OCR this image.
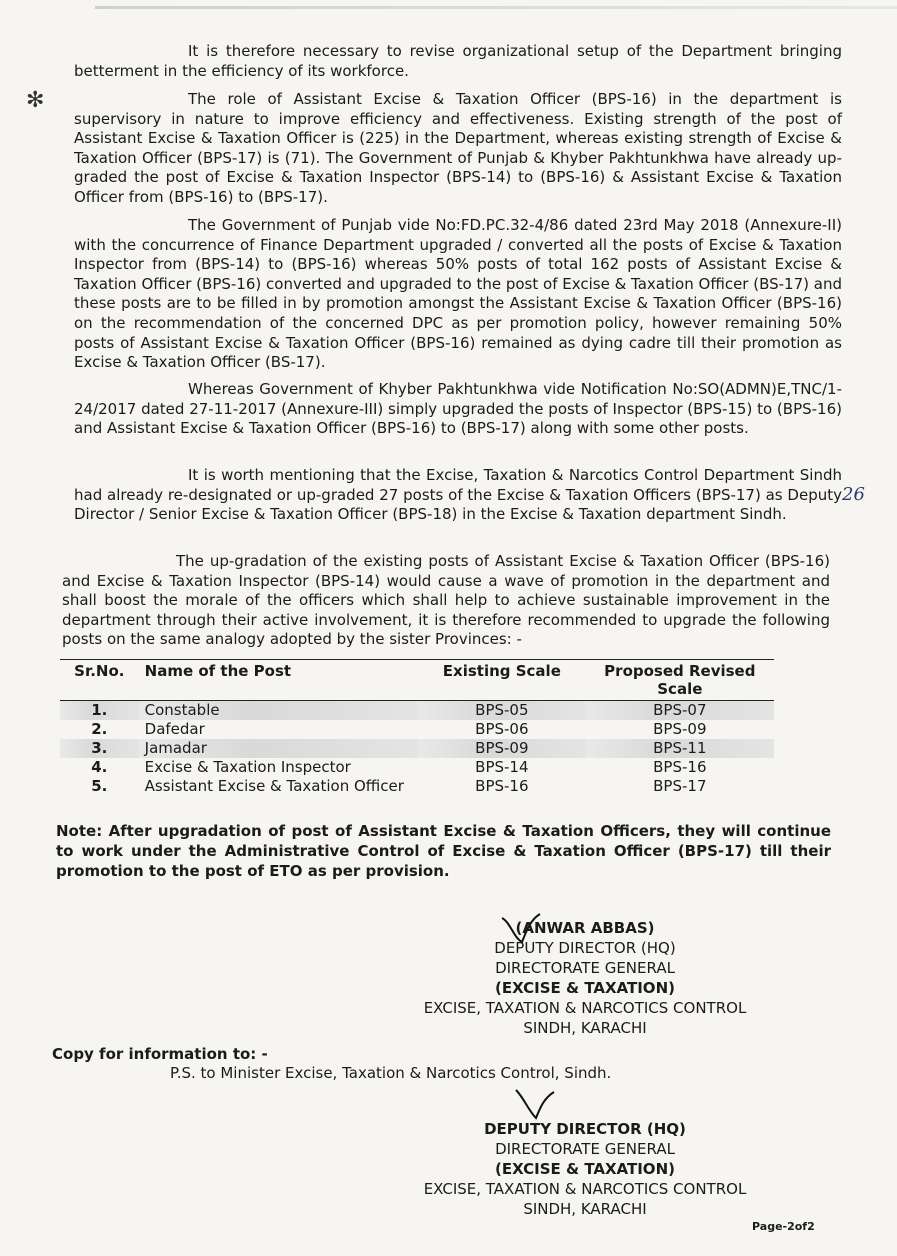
✻

It is therefore necessary to revise organizational setup of the Department bringing betterment in the efficiency of its workforce.

The role of Assistant Excise & Taxation Officer (BPS-16) in the department is supervisory in nature to improve efficiency and effectiveness. Existing strength of the post of Assistant Excise & Taxation Officer is (225) in the Department, whereas existing strength of Excise & Taxation Officer (BPS-17) is (71). The Government of Punjab & Khyber Pakhtunkhwa have already up-graded the post of Excise & Taxation Inspector (BPS-14) to (BPS-16) & Assistant Excise & Taxation Officer from (BPS-16) to (BPS-17).

The Government of Punjab vide No:FD.PC.32-4/86 dated 23rd May 2018 (Annexure-II) with the concurrence of Finance Department upgraded / converted all the posts of Excise & Taxation Inspector from (BPS-14) to (BPS-16) whereas 50% posts of total 162 posts of Assistant Excise & Taxation Officer (BPS-16) converted and upgraded to the post of Excise & Taxation Officer (BS-17) and these posts are to be filled in by promotion amongst the Assistant Excise & Taxation Officer (BPS-16) on the recommendation of the concerned DPC as per promotion policy, however remaining 50% posts of Assistant Excise & Taxation Officer (BPS-16) remained as dying cadre till their promotion as Excise & Taxation Officer (BS-17).

Whereas Government of Khyber Pakhtunkhwa vide Notification No:SO(ADMN)E,TNC/1-24/2017 dated 27-11-2017 (Annexure-III) simply upgraded the posts of Inspector (BPS-15) to (BPS-16) and Assistant Excise & Taxation Officer (BPS-16) to (BPS-17) along with some other posts.

It is worth mentioning that the Excise, Taxation & Narcotics Control Department Sindh had already re-designated or up-graded 27 posts of the Excise & Taxation Officers (BPS-17) as Deputy Director / Senior Excise & Taxation Officer (BPS-18) in the Excise & Taxation department Sindh.

26

The up-gradation of the existing posts of Assistant Excise & Taxation Officer (BPS-16) and Excise & Taxation Inspector (BPS-14) would cause a wave of promotion in the department and shall boost the morale of the officers which shall help to achieve sustainable improvement in the department through their active involvement, it is therefore recommended to upgrade the following posts on the same analogy adopted by the sister Provinces: -

Sr.No.	Name of the Post	Existing Scale	Proposed Revised Scale
1.	Constable	BPS-05	BPS-07
2.	Dafedar	BPS-06	BPS-09
3.	Jamadar	BPS-09	BPS-11
4.	Excise & Taxation Inspector	BPS-14	BPS-16
5.	Assistant Excise & Taxation Officer	BPS-16	BPS-17

Note: After upgradation of post of Assistant Excise & Taxation Officers, they will continue to work under the Administrative Control of Excise & Taxation Officer (BPS-17) till their promotion to the post of ETO as per provision.

(ANWAR ABBAS)
DEPUTY DIRECTOR (HQ)
DIRECTORATE GENERAL
(EXCISE & TAXATION)
EXCISE, TAXATION & NARCOTICS CONTROL
SINDH, KARACHI
Copy for information to: -
P.S. to Minister Excise, Taxation & Narcotics Control, Sindh.
DEPUTY DIRECTOR (HQ)
DIRECTORATE GENERAL
(EXCISE & TAXATION)
EXCISE, TAXATION & NARCOTICS CONTROL
SINDH, KARACHI
Page-2of2
